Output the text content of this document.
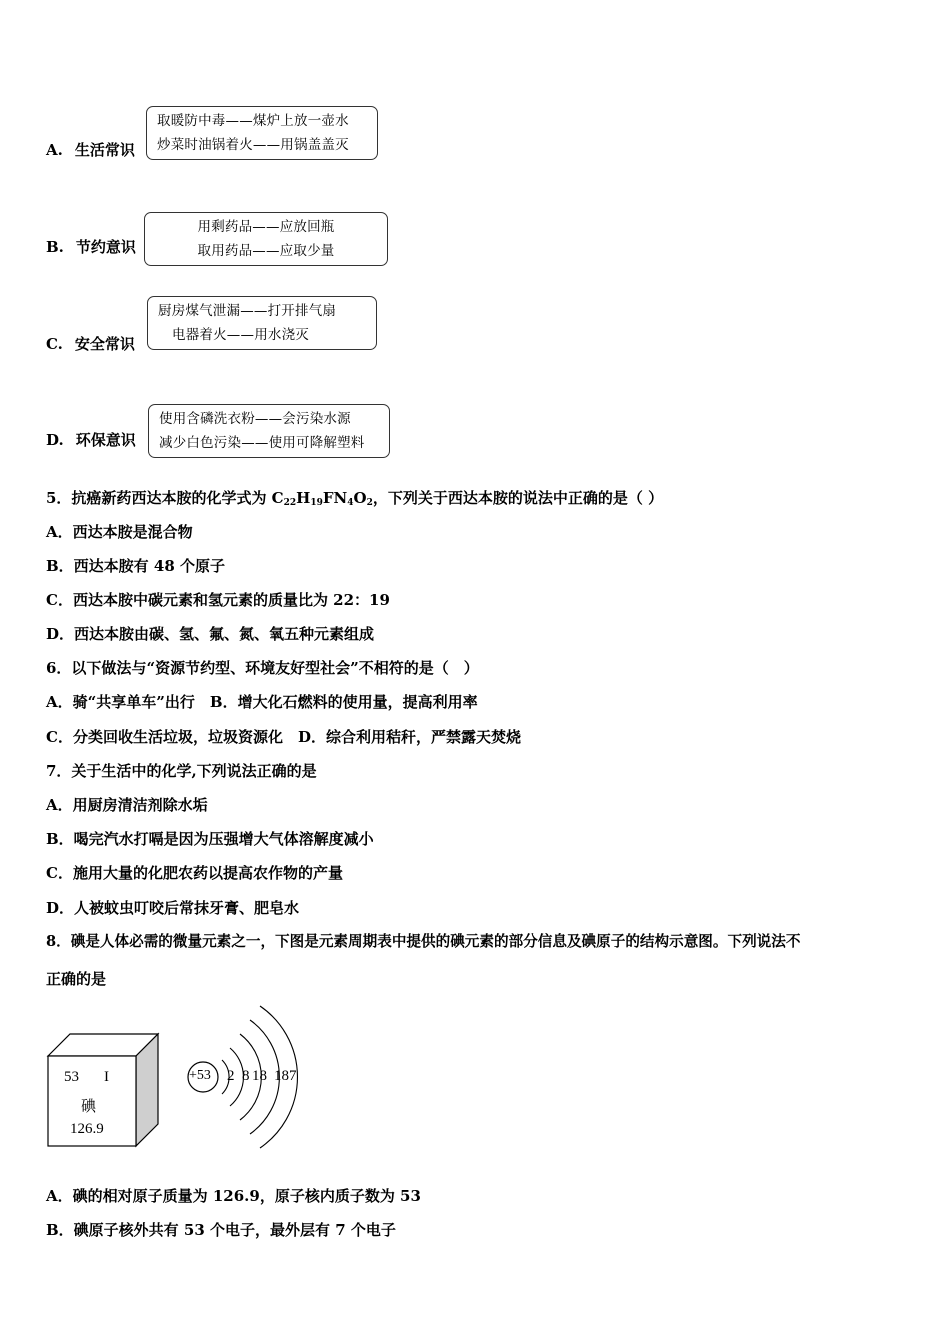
A. 生活常识
取暖防中毒——煤炉上放一壶水
炒菜时油锅着火——用锅盖盖灭
B. 节约意识
用剩药品——应放回瓶
取用药品——应取少量
C. 安全常识
厨房煤气泄漏——打开排气扇
电器着火——用水浇灭
D. 环保意识
使用含磷洗衣粉——会污染水源
减少白色污染——使用可降解塑料
5．抗癌新药西达本胺的化学式为 $C_{22}H_{19}FN_4O_2$，下列关于西达本胺的说法中正确的是（ ）
A．西达本胺是混合物
B．西达本胺有 48 个原子
C．西达本胺中碳元素和氢元素的质量比为 22：19
D．西达本胺由碳、氢、氟、氮、氧五种元素组成
6．以下做法与“资源节约型、环境友好型社会”不相符的是（　）
A．骑“共享单车”出行　B．增大化石燃料的使用量，提高利用率
C．分类回收生活垃圾，垃圾资源化　D．综合利用秸秆，严禁露天焚烧
7．关于生活中的化学,下列说法正确的是
A．用厨房清洁剂除水垢
B．喝完汽水打嗝是因为压强增大气体溶解度减小
C．施用大量的化肥农药以提高农作物的产量
D．人被蚊虫叮咬后常抹牙膏、肥皂水
8．碘是人体必需的微量元素之一，下图是元素周期表中提供的碘元素的部分信息及碘原子的结构示意图。下列说法不
正确的是
53 I
碘
126.9
+53 2 8 18 18 7
A．碘的相对原子质量为 126.9，原子核内质子数为 53
B．碘原子核外共有 53 个电子，最外层有 7 个电子
